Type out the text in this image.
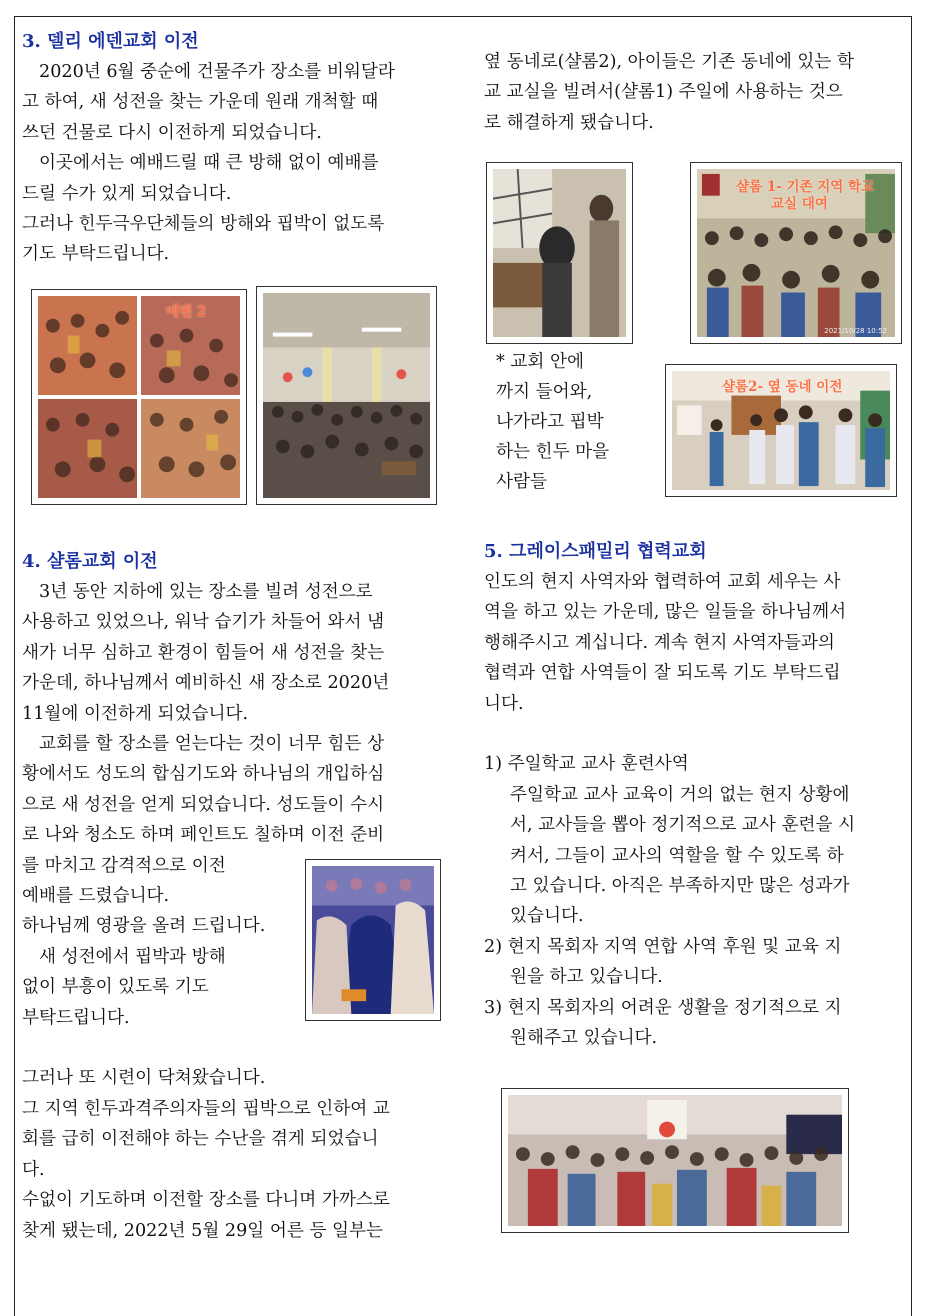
3. 델리 에덴교회 이전

2020년 6월 중순에 건물주가 장소를 비워달라

고 하여, 새 성전을 찾는 가운데 원래 개척할 때

쓰던 건물로 다시 이전하게 되었습니다.

이곳에서는 예배드릴 때 큰 방해 없이 예배를

드릴 수가 있게 되었습니다.

그러나 힌두극우단체들의 방해와 핍박이 없도록

기도 부탁드립니다.

에덴 2
4. 샬롬교회 이전

3년 동안 지하에 있는 장소를 빌려 성전으로

사용하고 있었으나, 워낙 습기가 차들어 와서 냄

새가 너무 심하고 환경이 힘들어 새 성전을 찾는

가운데, 하나님께서 예비하신 새 장소로 2020년

11월에 이전하게 되었습니다.

교회를 할 장소를 얻는다는 것이 너무 힘든 상

황에서도 성도의 합심기도와 하나님의 개입하심

으로 새 성전을 얻게 되었습니다. 성도들이 수시

로 나와 청소도 하며 페인트도 칠하며 이전 준비

를 마치고 감격적으로 이전

예배를 드렸습니다.

하나님께 영광을 올려 드립니다.

새 성전에서 핍박과 방해

없이 부흥이 있도록 기도

부탁드립니다.

그러나 또 시련이 닥쳐왔습니다.

그 지역 힌두과격주의자들의 핍박으로 인하여 교

회를 급히 이전해야 하는 수난을 겪게 되었습니

다.

수없이 기도하며 이전할 장소를 다니며 가까스로

찾게 됐는데, 2022년 5월 29일 어른 등 일부는

옆 동네로(샬롬2), 아이들은 기존 동네에 있는 학

교 교실을 빌려서(샬롬1) 주일에 사용하는 것으

로 해결하게 됐습니다.

샬롬 1- 기존 지역 학교
교실 대여
2021/10/28 10:52
* 교회 안에
까지 들어와,
나가라고 핍박
하는 힌두 마을
사람들
샬롬2- 옆 동네 이전
5. 그레이스패밀리 협력교회

인도의 현지 사역자와 협력하여 교회 세우는 사

역을 하고 있는 가운데, 많은 일들을 하나님께서

행해주시고 계십니다. 계속 현지 사역자들과의

협력과 연합 사역들이 잘 되도록 기도 부탁드립

니다.

1) 주일학교 교사 훈련사역

주일학교 교사 교육이 거의 없는 현지 상황에

서, 교사들을 뽑아 정기적으로 교사 훈련을 시

켜서, 그들이 교사의 역할을 할 수 있도록 하

고 있습니다. 아직은 부족하지만 많은 성과가

있습니다.

2) 현지 목회자 지역 연합 사역 후원 및 교육 지

원을 하고 있습니다.

3) 현지 목회자의 어려운 생활을 정기적으로 지

원해주고 있습니다.
